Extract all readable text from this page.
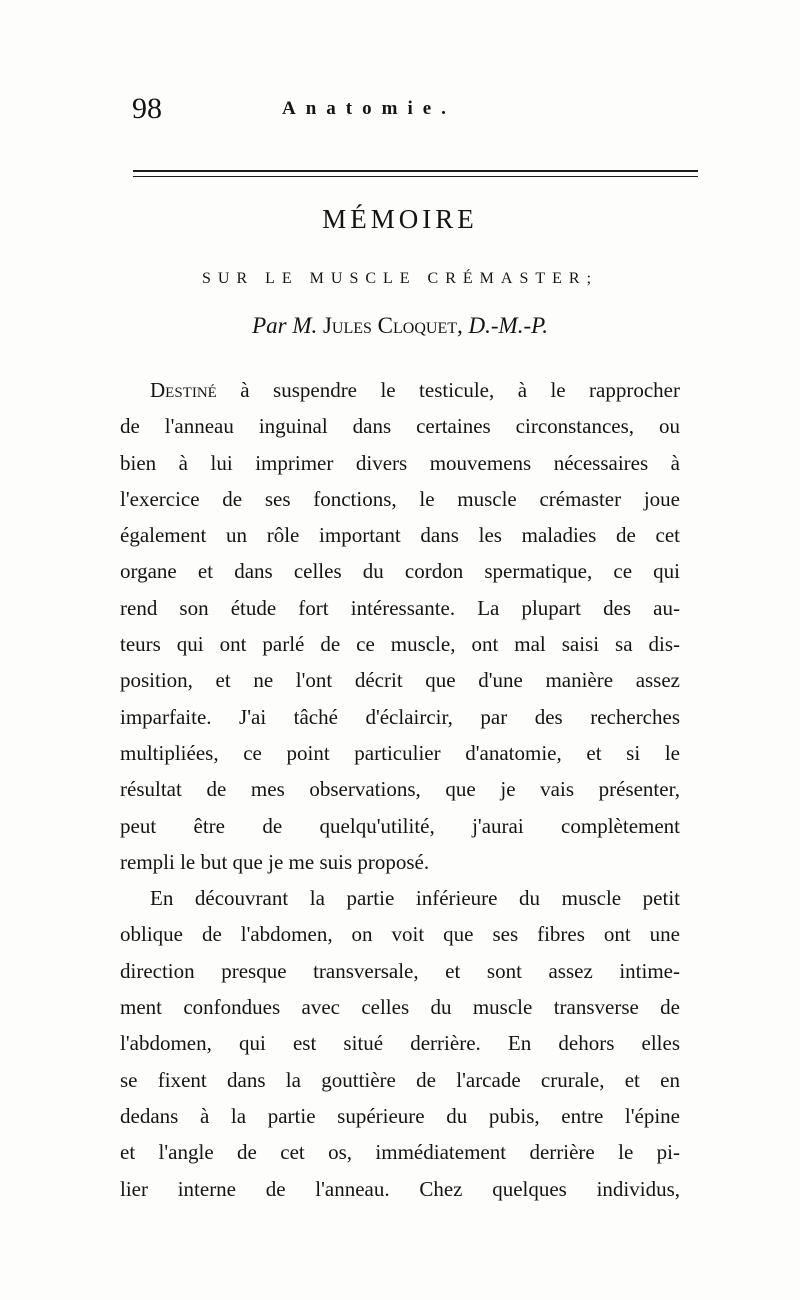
98	Anatomie.
MÉMOIRE
SUR LE MUSCLE CRÉMASTER;
Par M. Jules Cloquet, D.-M.-P.
Destiné à suspendre le testicule, à le rapprocher
de l'anneau inguinal dans certaines circonstances, ou
bien à lui imprimer divers mouvemens nécessaires à
l'exercice de ses fonctions, le muscle crémaster joue
également un rôle important dans les maladies de cet
organe et dans celles du cordon spermatique, ce qui
rend son étude fort intéressante. La plupart des au-
teurs qui ont parlé de ce muscle, ont mal saisi sa dis-
position, et ne l'ont décrit que d'une manière assez
imparfaite. J'ai tâché d'éclaircir, par des recherches
multipliées, ce point particulier d'anatomie, et si le
résultat de mes observations, que je vais présenter,
peut être de quelqu'utilité, j'aurai complètement
rempli le but que je me suis proposé.
En découvrant la partie inférieure du muscle petit
oblique de l'abdomen, on voit que ses fibres ont une
direction presque transversale, et sont assez intime-
ment confondues avec celles du muscle transverse de
l'abdomen, qui est situé derrière. En dehors elles
se fixent dans la gouttière de l'arcade crurale, et en
dedans à la partie supérieure du pubis, entre l'épine
et l'angle de cet os, immédiatement derrière le pi-
lier interne de l'anneau. Chez quelques individus,
